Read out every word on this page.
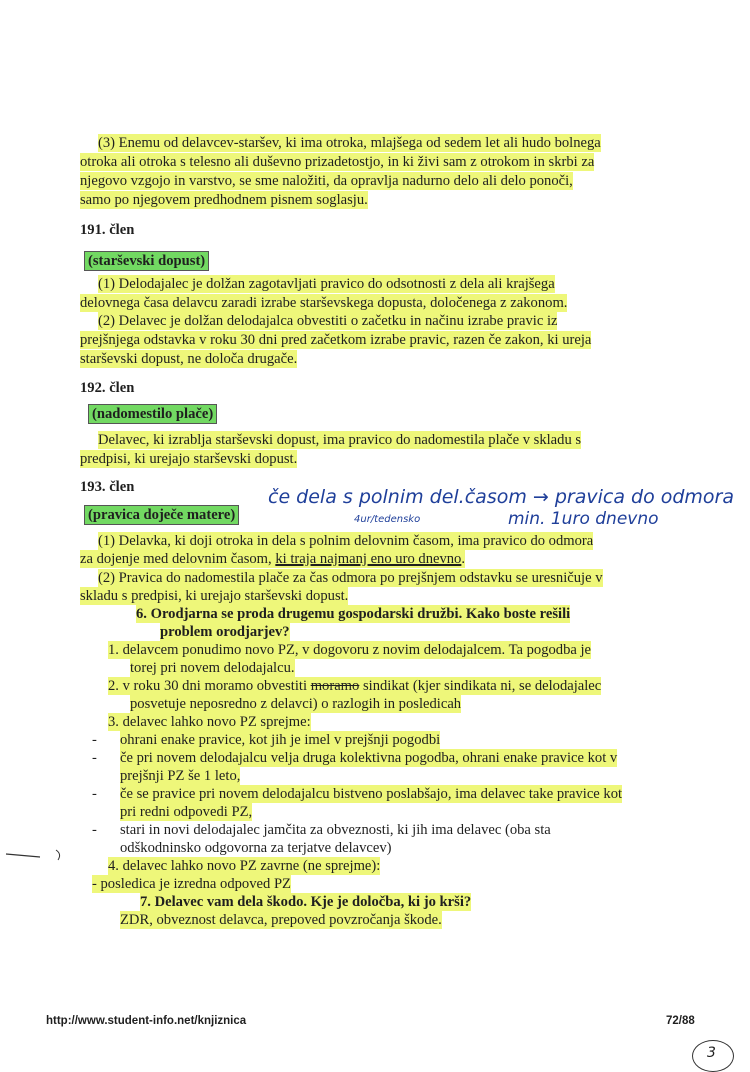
(3) Enemu od delavcev-staršev, ki ima otroka, mlajšega od sedem let ali hudo bolnega
otroka ali otroka s telesno ali duševno prizadetostjo, in ki živi sam z otrokom in skrbi za
njegovo vzgojo in varstvo, se sme naložiti, da opravlja nadurno delo ali delo ponoči,
samo po njegovem predhodnem pisnem soglasju.
191. člen
(starševski dopust)
(1) Delodajalec je dolžan zagotavljati pravico do odsotnosti z dela ali krajšega
delovnega časa delavcu zaradi izrabe starševskega dopusta, določenega z zakonom.
(2) Delavec je dolžan delodajalca obvestiti o začetku in načinu izrabe pravic iz
prejšnjega odstavka v roku 30 dni pred začetkom izrabe pravic, razen če zakon, ki ureja
starševski dopust, ne določa drugače.
192. člen
(nadomestilo plače)
Delavec, ki izrablja starševski dopust, ima pravico do nadomestila plače v skladu s
predpisi, ki urejajo starševski dopust.
193. člen
(pravica doječe matere)
če dela s polnim del.časom → pravica do odmora
4ur/tedensko	min. 1uro dnevno
(1) Delavka, ki doji otroka in dela s polnim delovnim časom, ima pravico do odmora
za dojenje med delovnim časom, ki traja najmanj eno uro dnevno.
(2) Pravica do nadomestila plače za čas odmora po prejšnjem odstavku se uresničuje v
skladu s predpisi, ki urejajo starševski dopust.
6. Orodjarna se proda drugemu gospodarski družbi. Kako boste rešili
problem orodjarjev?
1. delavcem ponudimo novo PZ, v dogovoru z novim delodajalcem. Ta pogodba je
torej pri novem delodajalcu.
2. v roku 30 dni moramo obvestiti moramo sindikat (kjer sindikata ni, se delodajalec
posvetuje neposredno z delavci) o razlogih in posledicah
3. delavec lahko novo PZ sprejme:
- ohrani enake pravice, kot jih je imel v prejšnji pogodbi
- če pri novem delodajalcu velja druga kolektivna pogodba, ohrani enake pravice kot v
prejšnji PZ še 1 leto,
- če se pravice pri novem delodajalcu bistveno poslabšajo, ima delavec take pravice kot
pri redni odpovedi PZ,
- stari in novi delodajalec jamčita za obveznosti, ki jih ima delavec (oba sta
odškodninsko odgovorna za terjatve delavcev)
4. delavec lahko novo PZ zavrne (ne sprejme):
- posledica je izredna odpoved PZ
7. Delavec vam dela škodo. Kje je določba, ki jo krši?
ZDR, obveznost delavca, prepoved povzročanja škode.
http://www.student-info.net/knjiznica	72/88
3
